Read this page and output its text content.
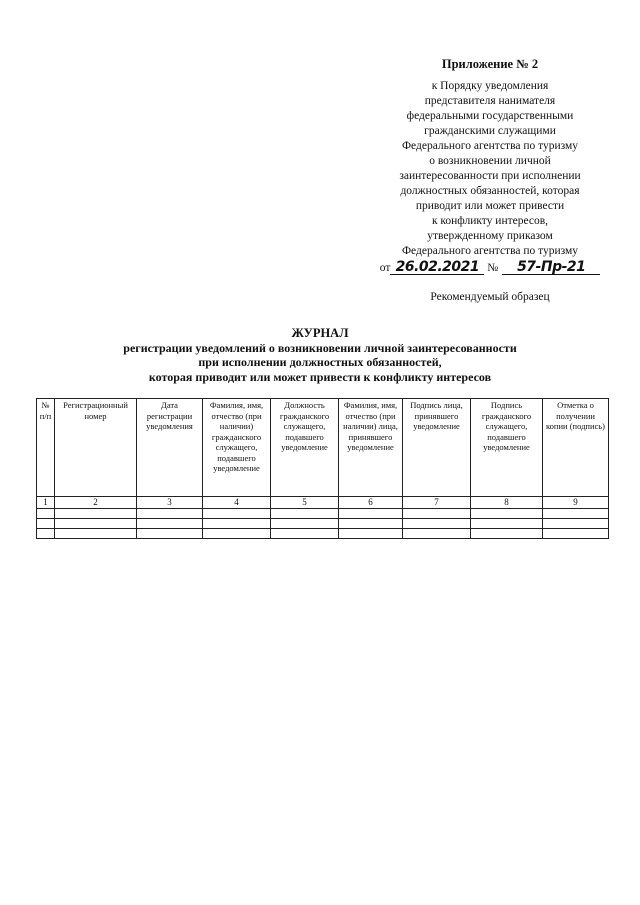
Приложение № 2
к Порядку уведомления
представителя нанимателя
федеральными государственными
гражданскими служащими
Федерального агентства по туризму
о возникновении личной
заинтересованности при исполнении
должностных обязанностей, которая
приводит или может привести
к конфликту интересов,
утвержденному приказом
Федерального агентства по туризму
от 26.02.2021 № 57-Пр-21
Рекомендуемый образец
ЖУРНАЛ
регистрации уведомлений о возникновении личной заинтересованности
при исполнении должностных обязанностей,
которая приводит или может привести к конфликту интересов
№ п/п	Регистрационный номер	Дата регистрации уведомления	Фамилия, имя, отчество (при наличии) гражданского служащего, подавшего уведомление	Должность гражданского служащего, подавшего уведомление	Фамилия, имя, отчество (при наличии) лица, принявшего уведомление	Подпись лица, принявшего уведомление	Подпись гражданского служащего, подавшего уведомление	Отметка о получении копии (подпись)
1	2	3	4	5	6	7	8	9
